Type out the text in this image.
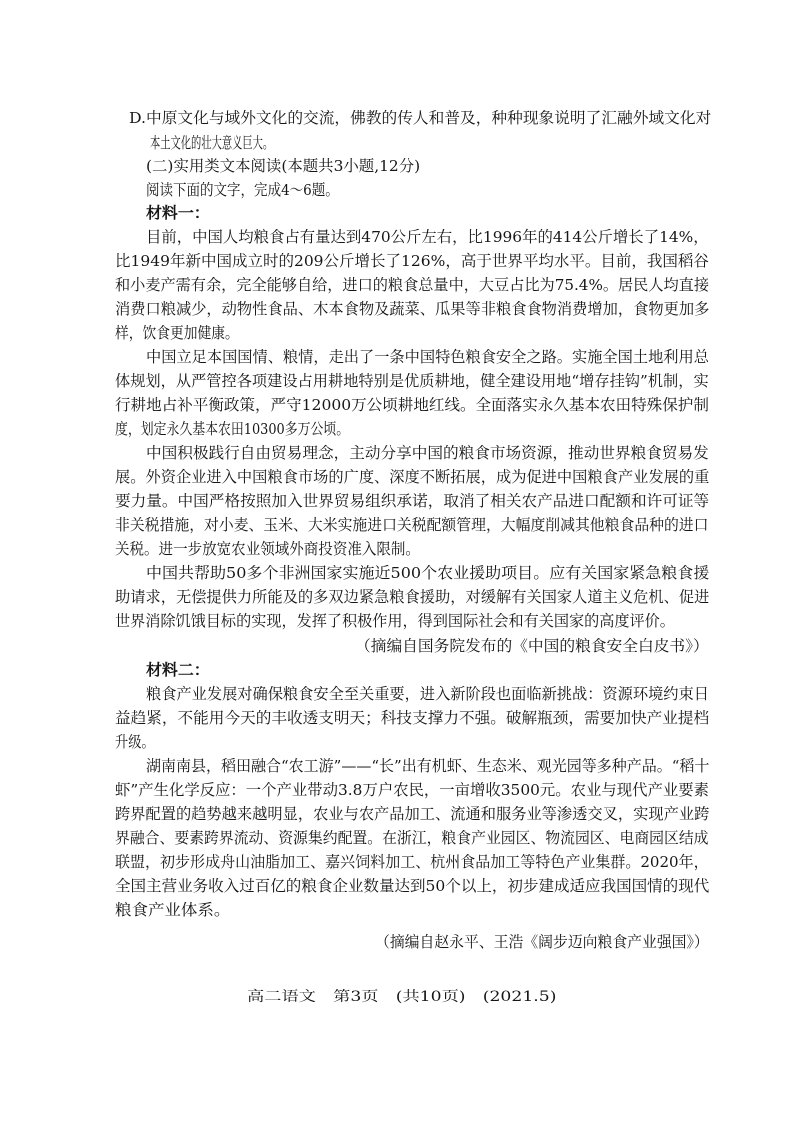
D.中原文化与域外文化的交流，佛教的传人和普及，种种现象说明了汇融外域文化对
本土文化的壮大意义巨大。
(二)实用类文本阅读(本题共3小题,12分)
阅读下面的文字，完成4～6题。
材料一：
目前，中国人均粮食占有量达到470公斤左右，比1996年的414公斤增长了14%，
比1949年新中国成立时的209公斤增长了126%，高于世界平均水平。目前，我国稻谷
和小麦产需有余，完全能够自给，进口的粮食总量中，大豆占比为75.4%。居民人均直接
消费口粮减少，动物性食品、木本食物及蔬菜、瓜果等非粮食食物消费增加，食物更加多
样，饮食更加健康。
中国立足本国国情、粮情，走出了一条中国特色粮食安全之路。实施全国土地利用总
体规划，从严管控各项建设占用耕地特别是优质耕地，健全建设用地“增存挂钩”机制，实
行耕地占补平衡政策，严守12000万公顷耕地红线。全面落实永久基本农田特殊保护制
度，划定永久基本农田10300多万公顷。
中国积极践行自由贸易理念，主动分享中国的粮食市场资源，推动世界粮食贸易发
展。外资企业进入中国粮食市场的广度、深度不断拓展，成为促进中国粮食产业发展的重
要力量。中国严格按照加入世界贸易组织承诺，取消了相关农产品进口配额和许可证等
非关税措施，对小麦、玉米、大米实施进口关税配额管理，大幅度削减其他粮食品种的进口
关税。进一步放宽农业领域外商投资准入限制。
中国共帮助50多个非洲国家实施近500个农业援助项目。应有关国家紧急粮食援
助请求，无偿提供力所能及的多双边紧急粮食援助，对缓解有关国家人道主义危机、促进
世界消除饥饿目标的实现，发挥了积极作用，得到国际社会和有关国家的高度评价。
（摘编自国务院发布的《中国的粮食安全白皮书》）
材料二：
粮食产业发展对确保粮食安全至关重要，进入新阶段也面临新挑战：资源环境约束日
益趋紧，不能用今天的丰收透支明天；科技支撑力不强。破解瓶颈，需要加快产业提档
升级。
湖南南县，稻田融合“农工游”——“长”出有机虾、生态米、观光园等多种产品。“稻十
虾”产生化学反应：一个产业带动3.8万户农民，一亩增收3500元。农业与现代产业要素
跨界配置的趋势越来越明显，农业与农产品加工、流通和服务业等渗透交叉，实现产业跨
界融合、要素跨界流动、资源集约配置。在浙江，粮食产业园区、物流园区、电商园区结成
联盟，初步形成舟山油脂加工、嘉兴饲料加工、杭州食品加工等特色产业集群。2020年，
全国主营业务收入过百亿的粮食企业数量达到50个以上，初步建成适应我国国情的现代
粮食产业体系。
（摘编自赵永平、王浩《阔步迈向粮食产业强国》）
高二语文　第3页　(共10页)　(2021.5)
